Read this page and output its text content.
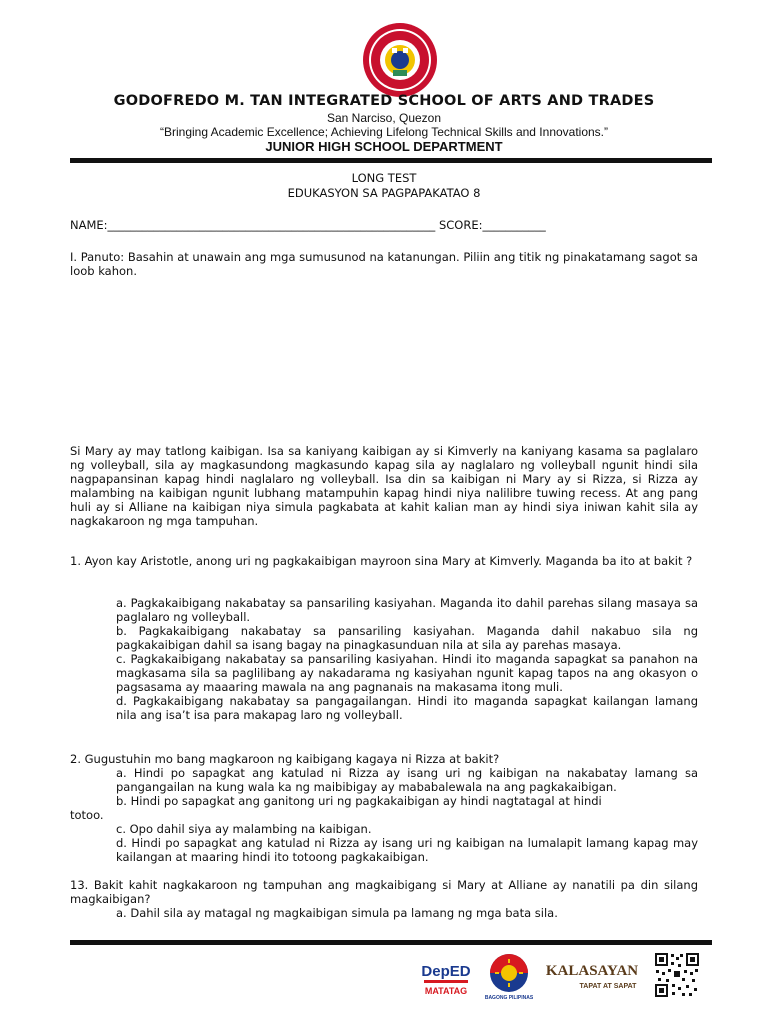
GODOFREDO M. TAN INTEGRATED SCHOOL OF ARTS AND TRADES
San Narciso, Quezon
“Bringing Academic Excellence; Achieving Lifelong Technical Skills and Innovations.”
JUNIOR HIGH SCHOOL DEPARTMENT
LONG TEST
EDUKASYON SA PAGPAPAKATAO 8
NAME:_________________________________________________________ SCORE:___________

I. Panuto: Basahin at unawain ang mga sumusunod na katanungan. Piliin ang titik ng pinakatamang sagot sa loob kahon.

Si Mary ay may tatlong kaibigan. Isa sa kaniyang kaibigan ay si Kimverly na kaniyang kasama sa paglalaro ng volleyball, sila ay magkasundong magkasundo kapag sila ay naglalaro ng volleyball ngunit hindi sila nagpapansinan kapag hindi naglalaro ng volleyball. Isa din sa kaibigan ni Mary ay si Rizza, si Rizza ay malambing na kaibigan ngunit lubhang matampuhin kapag hindi niya nalilibre tuwing recess. At ang pang huli ay si Alliane na kaibigan niya simula pagkabata at kahit kalian man ay hindi siya iniwan kahit sila ay nagkakaroon ng mga tampuhan.

1. Ayon kay Aristotle, anong uri ng pagkakaibigan mayroon sina Mary at Kimverly. Maganda ba ito at bakit ?

a. Pagkakaibigang nakabatay sa pansariling kasiyahan. Maganda ito dahil parehas silang masaya sa paglalaro ng volleyball.

b. Pagkakaibigang nakabatay sa pansariling kasiyahan. Maganda dahil nakabuo sila ng pagkakaibigan dahil sa isang bagay na pinagkasunduan nila at sila ay parehas masaya.

c. Pagkakaibigang nakabatay sa pansariling kasiyahan. Hindi ito maganda sapagkat sa panahon na magkasama sila sa paglilibang ay nakadarama ng kasiyahan ngunit kapag tapos na ang okasyon o pagsasama ay maaaring mawala na ang pagnanais na makasama itong muli.

d. Pagkakaibigang nakabatay sa pangagailangan. Hindi ito maganda sapagkat kailangan lamang nila ang isa’t isa para makapag laro ng volleyball.

2. Gugustuhin mo bang magkaroon ng kaibigang kagaya ni Rizza at bakit?

a. Hindi po sapagkat ang katulad ni Rizza ay isang uri ng kaibigan na nakabatay lamang sa pangangailan na kung wala ka ng maibibigay ay mababalewala na ang pagkakaibigan.

b. Hindi po sapagkat ang ganitong uri ng pagkakaibigan ay hindi nagtatagal at hindi

totoo.

c. Opo dahil siya ay malambing na kaibigan.

d. Hindi po sapagkat ang katulad ni Rizza ay isang uri ng kaibigan na lumalapit lamang kapag may kailangan at maaring hindi ito totoong pagkakaibigan.

13. Bakit kahit nagkakaroon ng tampuhan ang magkaibigang si Mary at Alliane ay nanatili pa din silang magkaibigan?

a. Dahil sila ay matagal ng magkaibigan simula pa lamang ng mga bata sila.

DepED
MATATAG
BAGONG PILIPINAS
KALASAYAN
TAPAT AT SAPAT
